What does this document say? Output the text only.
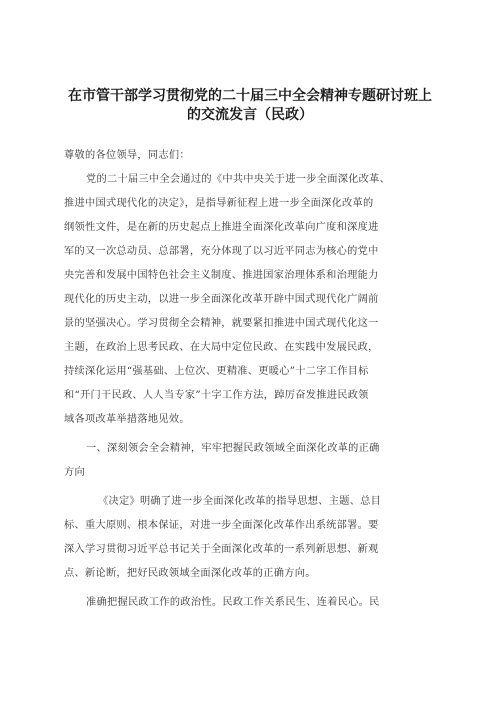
在市管干部学习贯彻党的二十届三中全会精神专题研讨班上
的交流发言（民政）

尊敬的各位领导，同志们：

党的二十届三中全会通过的《中共中央关于进一步全面深化改革、

推进中国式现代化的决定》，是指导新征程上进一步全面深化改革的

纲领性文件，是在新的历史起点上推进全面深化改革向广度和深度进

军的又一次总动员、总部署，充分体现了以习近平同志为核心的党中

央完善和发展中国特色社会主义制度、推进国家治理体系和治理能力

现代化的历史主动，以进一步全面深化改革开辟中国式现代化广阔前

景的坚强决心。学习贯彻全会精神，就要紧扣推进中国式现代化这一

主题，在政治上思考民政、在大局中定位民政、在实践中发展民政，

持续深化运用“强基础、上位次、更精准、更暖心”十二字工作目标

和“开门干民政、人人当专家”十字工作方法，踔厉奋发推进民政领

域各项改革举措落地见效。

一、深刻领会全会精神，牢牢把握民政领域全面深化改革的正确

方向

《决定》明确了进一步全面深化改革的指导思想、主题、总目

标、重大原则、根本保证，对进一步全面深化改革作出系统部署。要

深入学习贯彻习近平总书记关于全面深化改革的一系列新思想、新观

点、新论断，把好民政领域全面深化改革的正确方向。

准确把握民政工作的政治性。民政工作关系民生、连着民心。民
